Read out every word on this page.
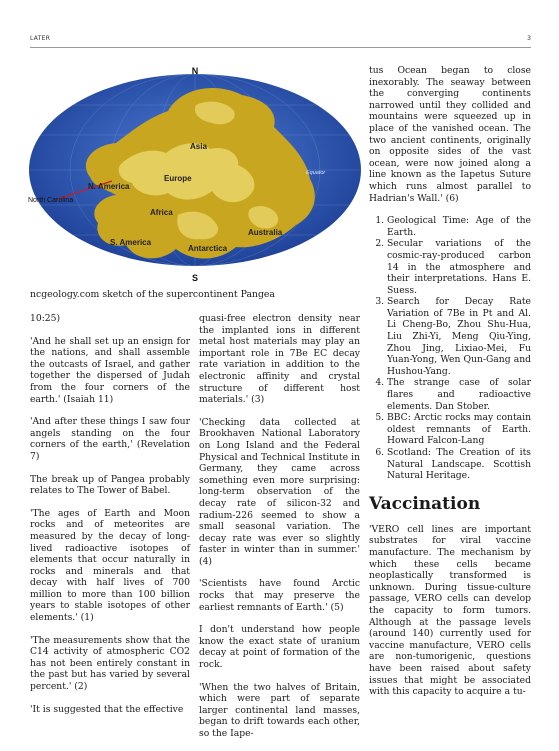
LATER	3
N
S
Asia
Europe
N. America
Africa
S. America
Australia
Antarctica
Equator
North Carolina
ncgeology.com sketch of the supercontinent Pangea

10:25)

'And he shall set up an ensign for the nations, and shall assemble the outcasts of Israel, and gather together the dispersed of Judah from the four corners of the earth.' (Isaiah 11)

'And after these things I saw four angels standing on the four corners of the earth,' (Revelation 7)

The break up of Pangea probably relates to The Tower of Babel.

'The ages of Earth and Moon rocks and of meteorites are measured by the decay of long-lived radioactive isotopes of elements that occur naturally in rocks and minerals and that decay with half lives of 700 million to more than 100 billion years to stable isotopes of other elements.' (1)

'The measurements show that the C14 activity of atmospheric CO2 has not been entirely constant in the past but has varied by several percent.' (2)

'It is suggested that the effective

quasi-free electron density near the implanted ions in different metal host materials may play an important role in 7Be EC decay rate variation in addition to the electronic affinity and crystal structure of different host materials.' (3)

'Checking data collected at Brookhaven National Laboratory on Long Island and the Federal Physical and Technical Institute in Germany, they came across something even more surprising: long-term observation of the decay rate of silicon-32 and radium-226 seemed to show a small seasonal variation. The decay rate was ever so slightly faster in winter than in summer.' (4)

'Scientists have found Arctic rocks that may preserve the earliest remnants of Earth.' (5)

I don't understand how people know the exact state of uranium decay at point of formation of the rock.

'When the two halves of Britain, which were part of separate larger continental land masses, began to drift towards each other, so the Iape-

tus Ocean began to close inexorably. The seaway between the converging continents narrowed until they collided and mountains were squeezed up in place of the vanished ocean. The two ancient continents, originally on opposite sides of the vast ocean, were now joined along a line known as the Iapetus Suture which runs almost parallel to Hadrian's Wall.' (6)

1. Geological Time: Age of the Earth.
2. Secular variations of the cosmic-ray-produced carbon 14 in the atmosphere and their interpretations. Hans E. Suess.
3. Search for Decay Rate Variation of 7Be in Pt and Al. Li Cheng-Bo, Zhou Shu-Hua, Liu Zhi-Yi, Meng Qiu-Ying, Zhou Jing, Lixiao-Mei, Fu Yuan-Yong, Wen Qun-Gang and Hushou-Yang.
4. The strange case of solar flares and radioactive elements. Dan Stober.
5. BBC: Arctic rocks may contain oldest remnants of Earth. Howard Falcon-Lang
6. Scotland: The Creation of its Natural Landscape. Scottish Natural Heritage.
Vaccination

'VERO cell lines are important substrates for viral vaccine manufacture. The mechanism by which these cells became neoplastically transformed is unknown. During tissue-culture passage, VERO cells can develop the capacity to form tumors. Although at the passage levels (around 140) currently used for vaccine manufacture, VERO cells are non-tumorigenic, questions have been raised about safety issues that might be associated with this capacity to acquire a tu-
